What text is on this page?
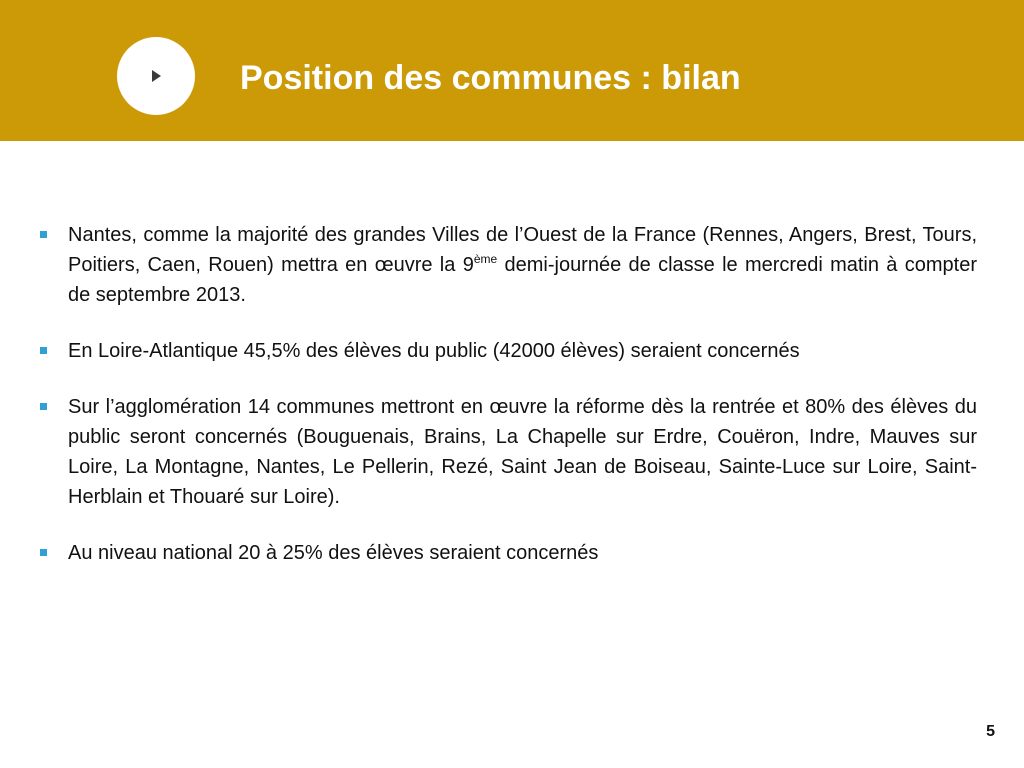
Position des communes : bilan
Nantes, comme la majorité des grandes Villes de l’Ouest de la France (Rennes, Angers, Brest, Tours, Poitiers, Caen, Rouen) mettra en œuvre la 9ème demi-journée de classe le mercredi matin à compter de septembre 2013.
En Loire-Atlantique 45,5% des élèves du public (42000 élèves) seraient concernés
Sur l’agglomération 14 communes mettront en œuvre la réforme dès la rentrée et 80% des élèves du public seront concernés (Bouguenais, Brains, La Chapelle sur Erdre, Couëron, Indre, Mauves sur Loire, La Montagne, Nantes, Le Pellerin, Rezé, Saint Jean de Boiseau, Sainte-Luce sur Loire, Saint-Herblain et Thouaré sur Loire).
Au niveau national 20 à 25% des élèves seraient concernés
5
